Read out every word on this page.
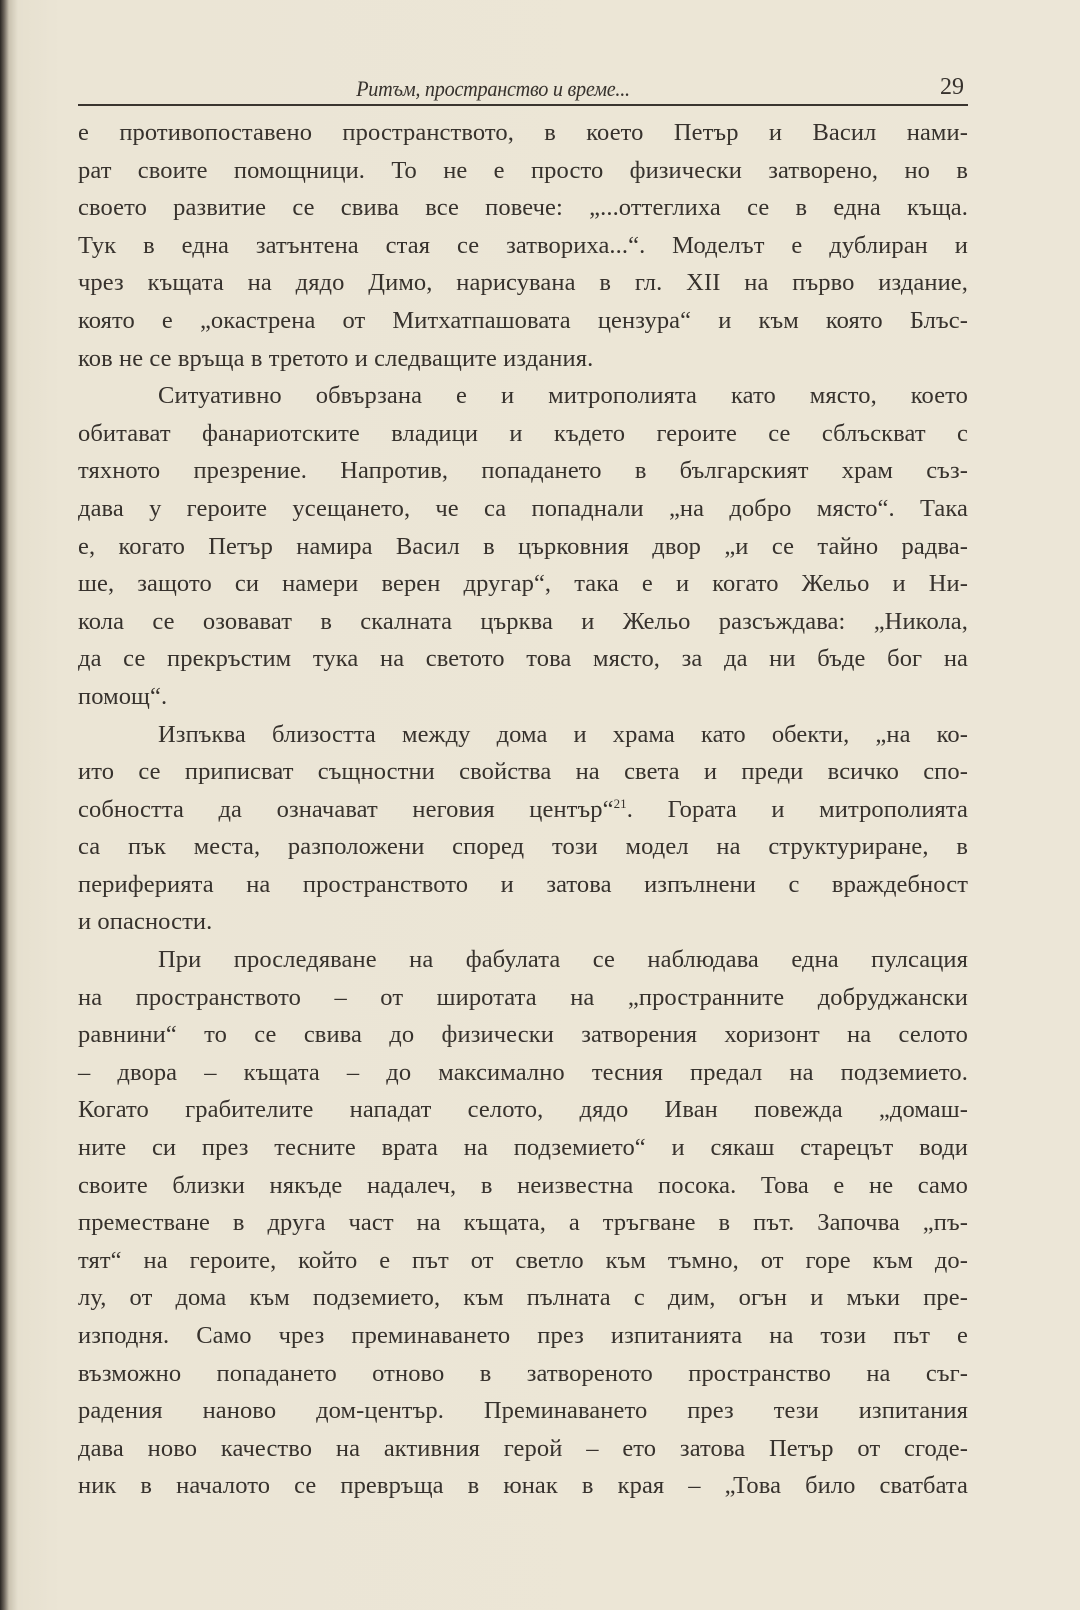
Ритъм, пространство и време...	29
е противопоставено пространството, в което Петър и Васил нами-
рат своите помощници. То не е просто физически затворено, но в
своето развитие се свива все повече: „...оттеглиха се в една къща.
Тук в една затънтена стая се затвориха...“. Моделът е дублиран и
чрез къщата на дядо Димо, нарисувана в гл. XII на първо издание,
която е „окастрена от Митхатпашовата цензура“ и към която Блъс-
ков не се връща в третото и следващите издания.
Ситуативно обвързана е и митрополията като място, което
обитават фанариотските владици и където героите се сблъскват с
тяхното презрение. Напротив, попадането в българският храм съз-
дава у героите усещането, че са попаднали „на добро място“. Така
е, когато Петър намира Васил в църковния двор „и се тайно радва-
ше, защото си намери верен другар“, така е и когато Жельо и Ни-
кола се озовават в скалната църква и Жельо разсъждава: „Никола,
да се прекръстим тука на светото това място, за да ни бъде бог на
помощ“.
Изпъква близостта между дома и храма като обекти, „на ко-
ито се приписват същностни свойства на света и преди всичко спо-
собността да означават неговия център“$^{21}$. Гората и митрополията
са пък места, разположени според този модел на структуриране, в
периферията на пространството и затова изпълнени с враждебност
и опасности.
При проследяване на фабулата се наблюдава една пулсация
на пространството – от широтата на „пространните добруджански
равнини“ то се свива до физически затворения хоризонт на селото
– двора – къщата – до максимално тесния предал на подземието.
Когато грабителите нападат селото, дядо Иван повежда „домаш-
ните си през тесните врата на подземието“ и сякаш старецът води
своите близки някъде надалеч, в неизвестна посока. Това е не само
преместване в друга част на къщата, а тръгване в път. Започва „пъ-
тят“ на героите, който е път от светло към тъмно, от горе към до-
лу, от дома към подземието, към пълната с дим, огън и мъки пре-
изподня. Само чрез преминаването през изпитанията на този път е
възможно попадането отново в затвореното пространство на съг-
радения наново дом-център. Преминаването през тези изпитания
дава ново качество на активния герой – ето затова Петър от сгоде-
ник в началото се превръща в юнак в края – „Това било сватбата
